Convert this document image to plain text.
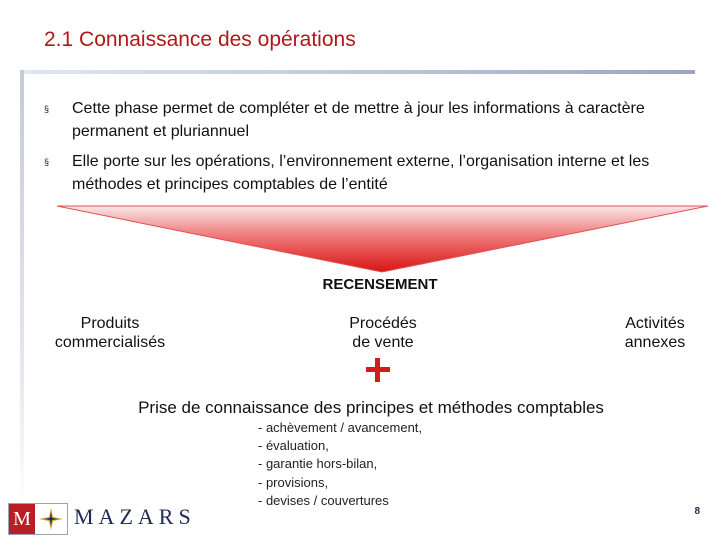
2.1 Connaissance des opérations
§	Cette phase permet de compléter et de mettre à jour les informations à caractère permanent et pluriannuel
§	Elle porte sur les opérations, l’environnement externe, l’organisation interne et les méthodes et principes comptables de l’entité
RECENSEMENT
Produits
commercialisés
Procédés
de vente
Activités
annexes
Prise de connaissance des principes et méthodes comptables
- achèvement / avancement,
- évaluation,
- garantie hors-bilan,
- provisions,
- devises / couvertures
M MAZARS	8
